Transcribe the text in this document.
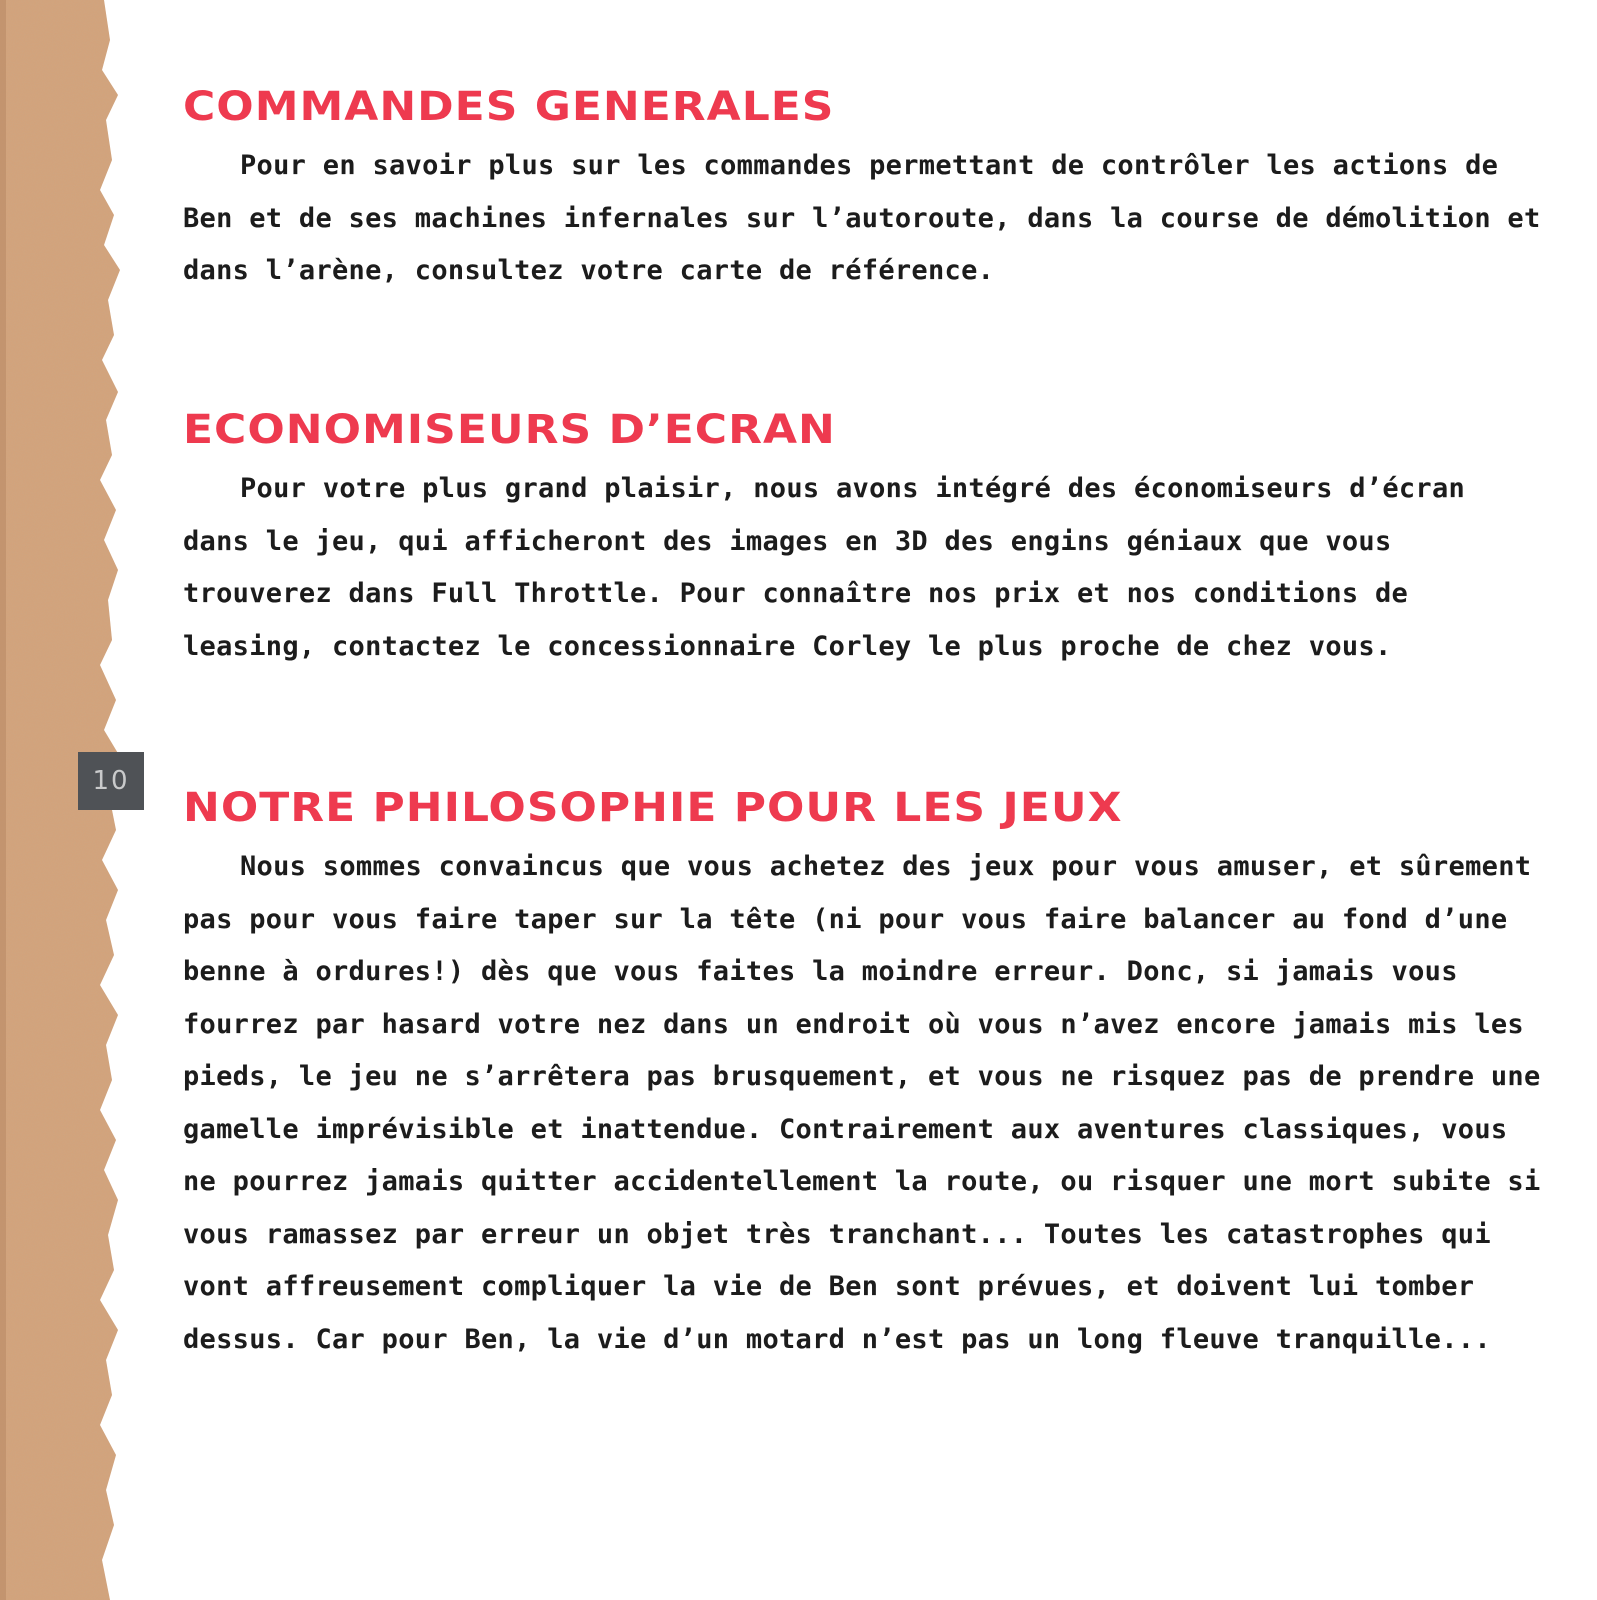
10
COMMANDES GENERALES

Pour en savoir plus sur les commandes permettant de contrôler les actions de Ben et de ses machines infernales sur l’autoroute, dans la course de démolition et dans l’arène, consultez votre carte de référence.

ECONOMISEURS D’ECRAN

Pour votre plus grand plaisir, nous avons intégré des économiseurs d’écran dans le jeu, qui afficheront des images en 3D des engins géniaux que vous trouverez dans Full Throttle. Pour connaître nos prix et nos conditions de leasing, contactez le concessionnaire Corley le plus proche de chez vous.

NOTRE PHILOSOPHIE POUR LES JEUX

Nous sommes convaincus que vous achetez des jeux pour vous amuser, et sûrement pas pour vous faire taper sur la tête (ni pour vous faire balancer au fond d’une benne à ordures!) dès que vous faites la moindre erreur. Donc, si jamais vous fourrez par hasard votre nez dans un endroit où vous n’avez encore jamais mis les pieds, le jeu ne s’arrêtera pas brusquement, et vous ne risquez pas de prendre une gamelle imprévisible et inattendue. Contrairement aux aventures classiques, vous ne pourrez jamais quitter accidentellement la route, ou risquer une mort subite si vous ramassez par erreur un objet très tranchant... Toutes les catastrophes qui vont affreusement compliquer la vie de Ben sont prévues, et doivent lui tomber dessus. Car pour Ben, la vie d’un motard n’est pas un long fleuve tranquille...
